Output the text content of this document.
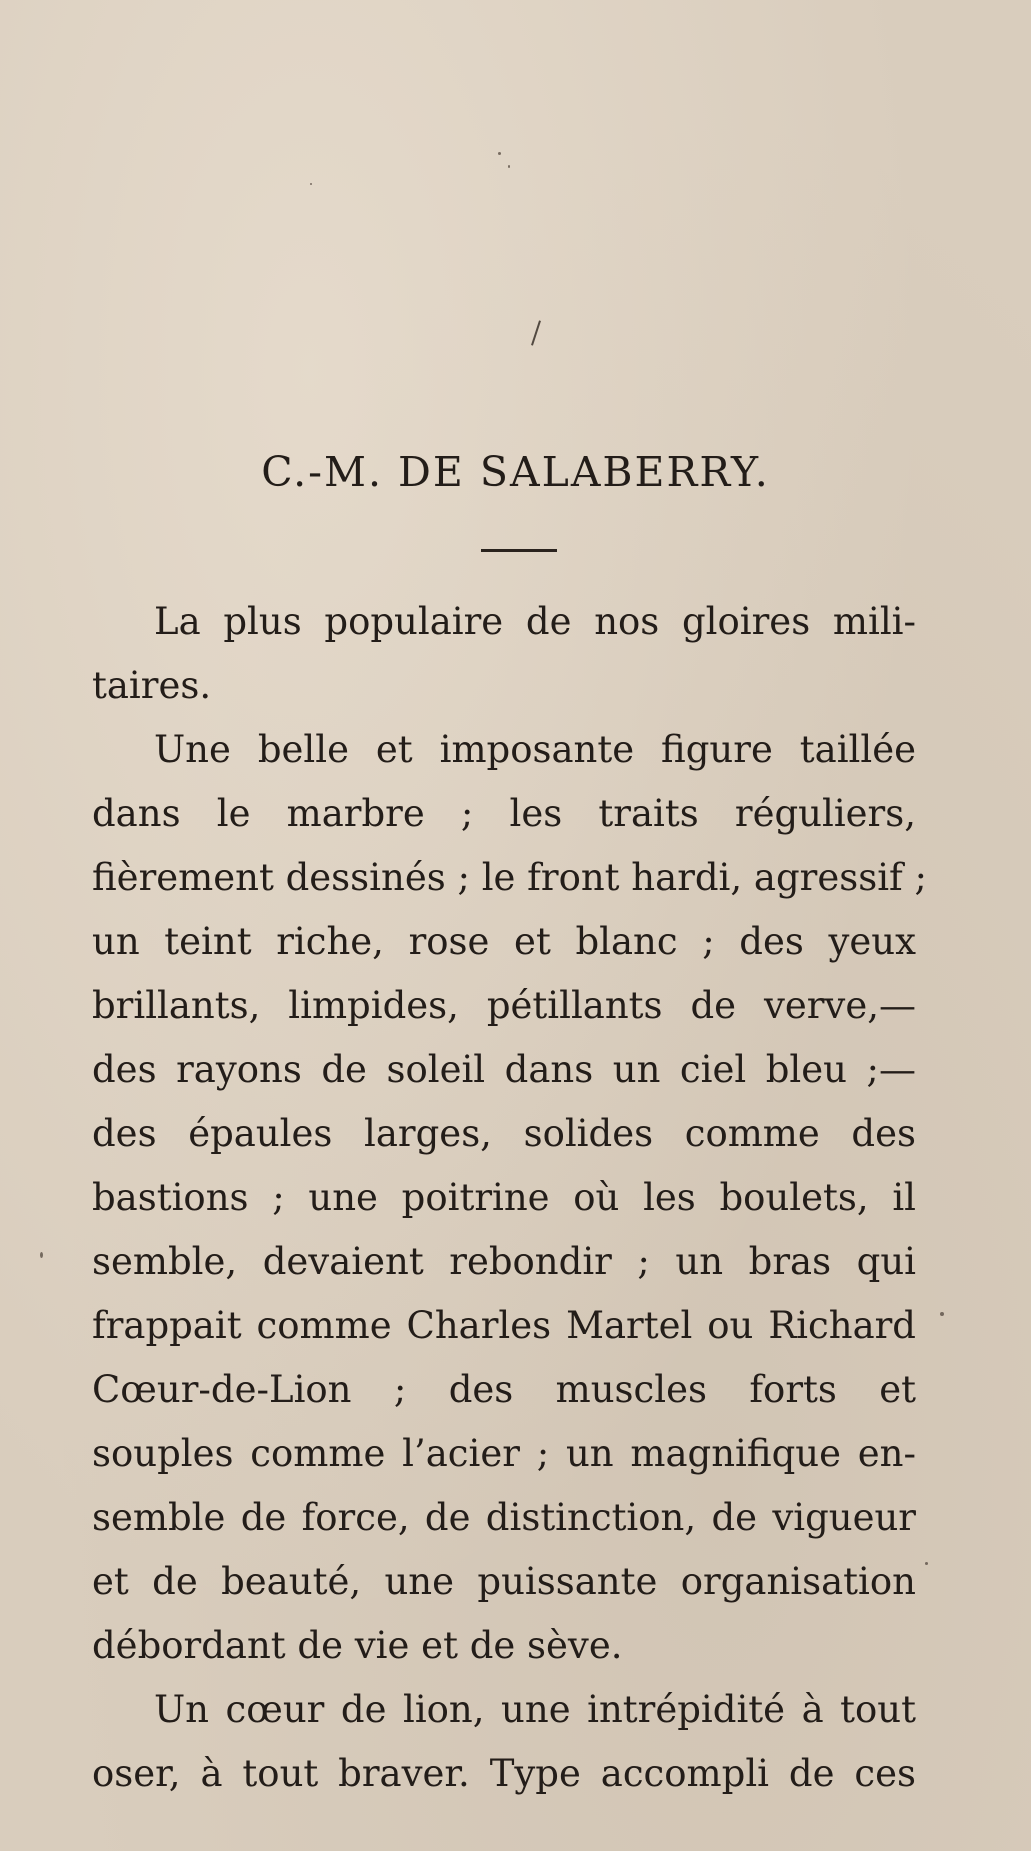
C.-M. DE SALABERRY.
La plus populaire de nos gloires mili-
taires.
Une belle et imposante figure taillée
dans le marbre ; les traits réguliers,
fièrement dessinés ; le front hardi, agressif ;
un teint riche, rose et blanc ; des yeux
brillants, limpides, pétillants de verve,—
des rayons de soleil dans un ciel bleu ;—
des épaules larges, solides comme des
bastions ; une poitrine où les boulets, il
semble, devaient rebondir ; un bras qui
frappait comme Charles Martel ou Richard
Cœur-de-Lion ; des muscles forts et
souples comme l’acier ; un magnifique en-
semble de force, de distinction, de vigueur
et de beauté, une puissante organisation
débordant de vie et de sève.
Un cœur de lion, une intrépidité à tout
oser, à tout braver. Type accompli de ces
